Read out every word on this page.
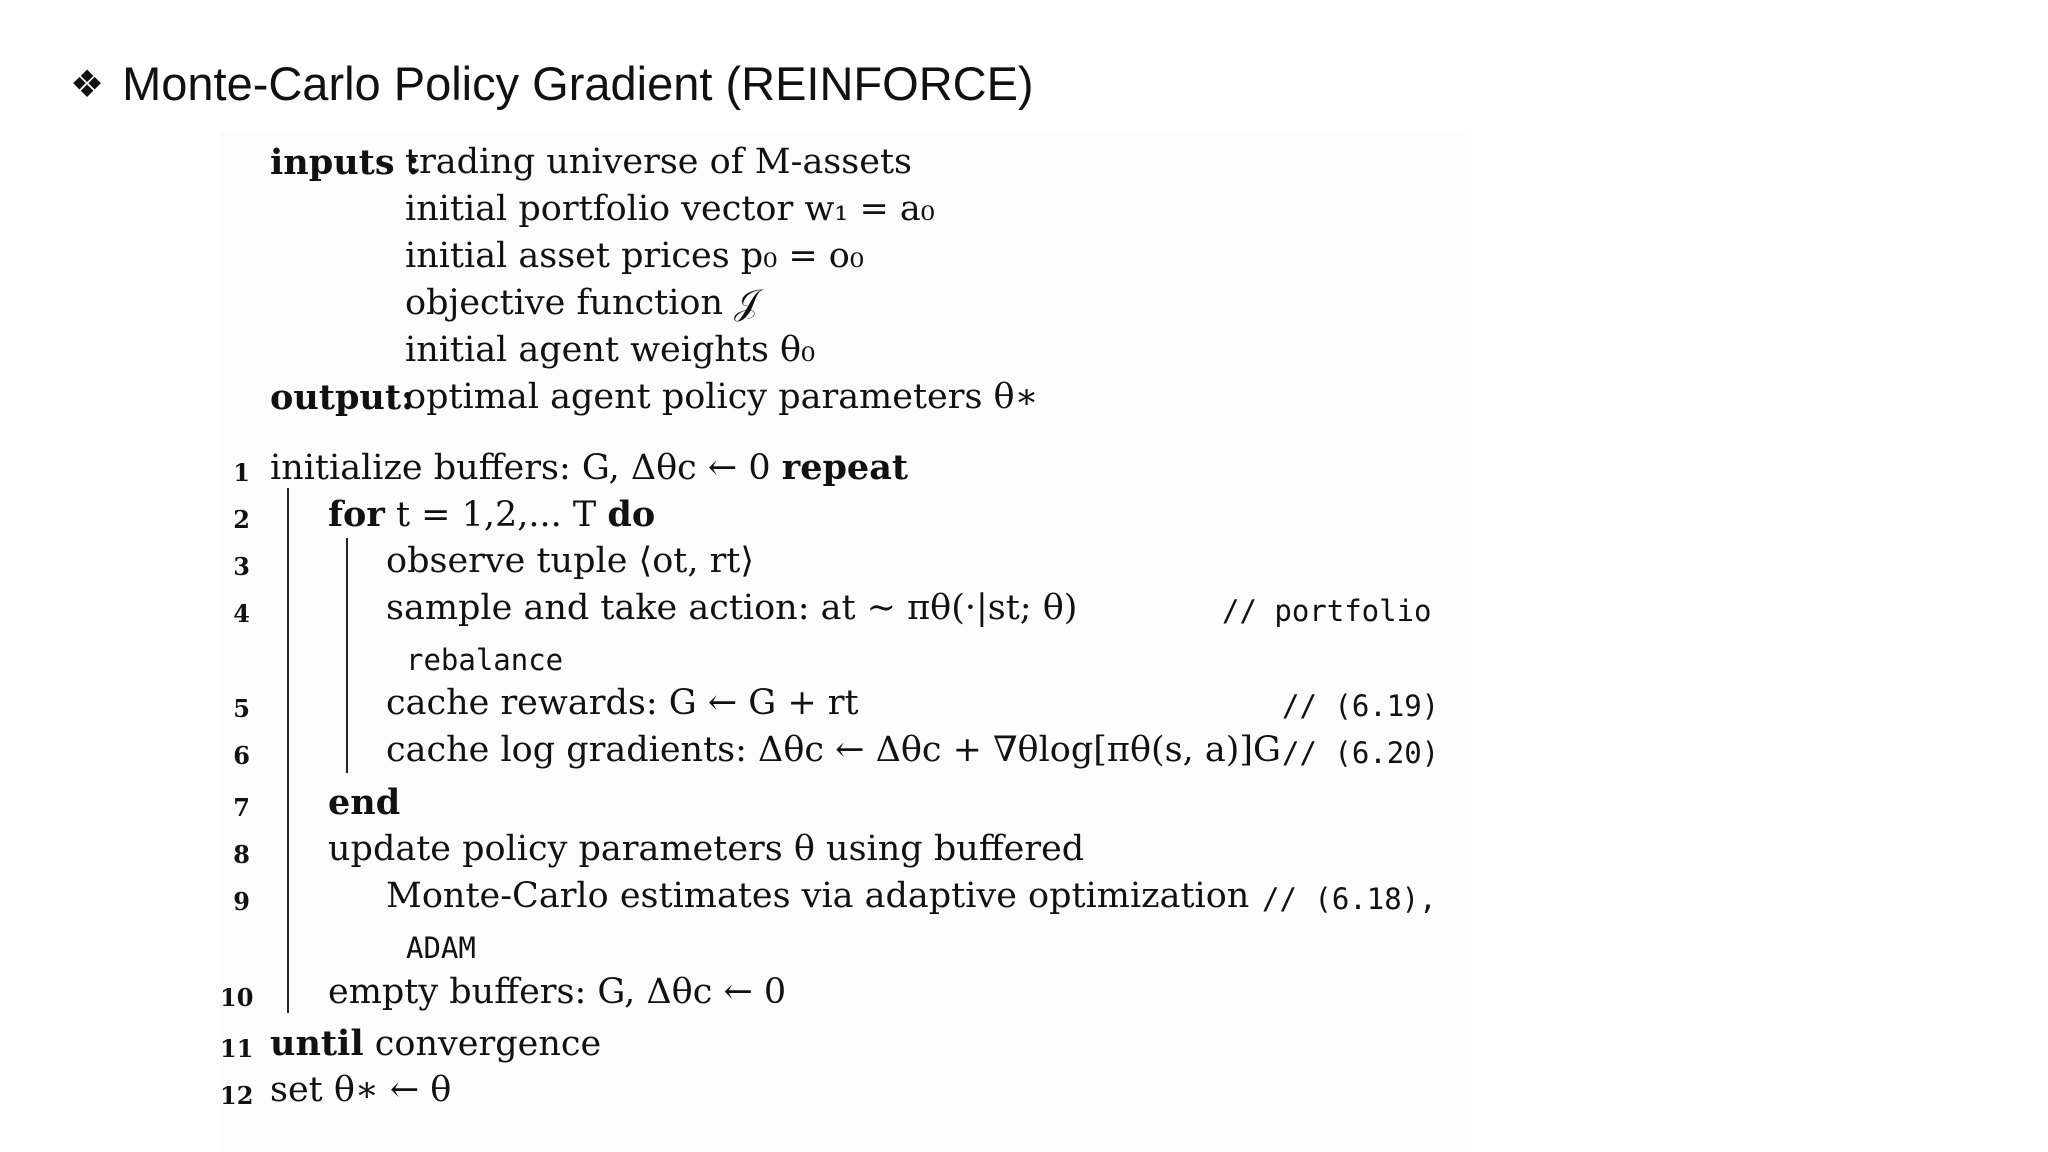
❖ Monte-Carlo Policy Gradient (REINFORCE)
inputs :
trading universe of M-assets
initial portfolio vector w₁ = a₀
initial asset prices p₀ = o₀
objective function 𝒥
initial agent weights θ₀
output:
optimal agent policy parameters θ∗
1 initialize buffers: G, Δθc ← 0 repeat
2 for t = 1,2,... T do
3	observe tuple ⟨ot, rt⟩
4	sample and take action: at ∼ πθ(·|st; θ)	// portfolio
rebalance
5	cache rewards: G ← G + rt	// (6.19)
6	cache log gradients: Δθc ← Δθc + ∇θlog[πθ(s, a)]G // (6.20)
7 end
8 update policy parameters θ using buffered
9	Monte-Carlo estimates via adaptive optimization // (6.18),
ADAM
10 empty buffers: G, Δθc ← 0
11 until convergence
12 set θ∗ ← θ
